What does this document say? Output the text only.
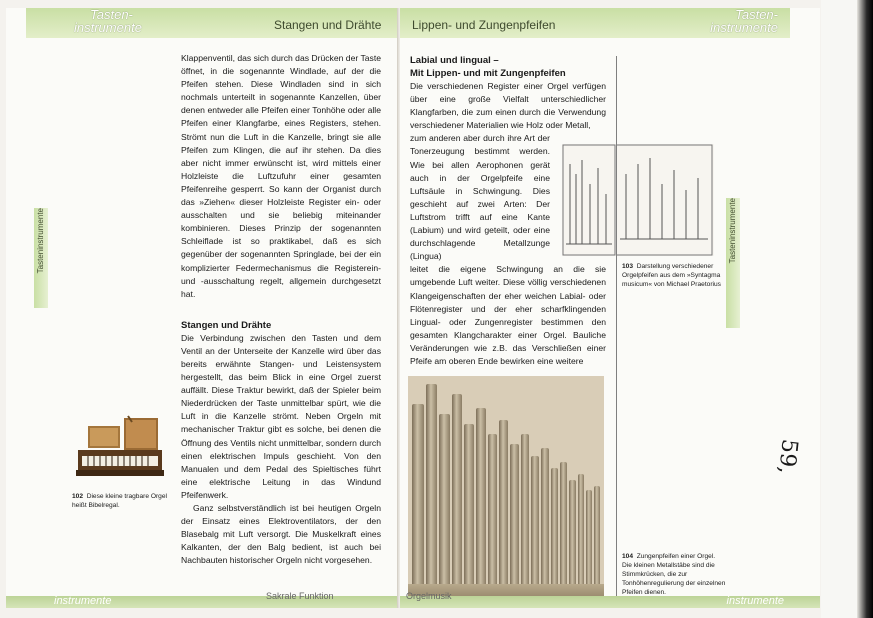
Tasten-
instrumente	Stangen und Drähte
Tasteninstrumente

Klappenventil, das sich durch das Drücken der Taste öffnet, in die sogenannte Windlade, auf der die Pfeifen stehen. Diese Windladen sind in sich nochmals unterteilt in sogenannte Kanzellen, über denen entweder alle Pfeifen einer Tonhöhe oder alle Pfeifen einer Klangfarbe, eines Registers, stehen. Strömt nun die Luft in die Kanzelle, bringt sie alle Pfeifen zum Klingen, die auf ihr stehen. Da dies aber nicht immer erwünscht ist, wird mittels einer Holzleiste die Luftzufuhr einer gesamten Pfeifenreihe gesperrt. So kann der Organist durch das »Ziehen« dieser Holzleiste Register ein- oder ausschalten und sie beliebig miteinander kombinieren. Dieses Prinzip der sogenannten Schleiflade ist so praktikabel, daß es sich gegenüber der sogenannten Springlade, bei der ein komplizierter Federmechanismus die Registerein- und -ausschaltung regelt, allgemein durchgesetzt hat.

Stangen und Drähte

Die Verbindung zwischen den Tasten und dem Ventil an der Unterseite der Kanzelle wird über das bereits erwähnte Stangen- und Leistensystem hergestellt, das beim Blick in eine Orgel zuerst auffällt. Diese Traktur bewirkt, daß der Spieler beim Niederdrücken der Taste unmittelbar spürt, wie die Luft in die Kanzelle strömt. Neben Orgeln mit mechanischer Traktur gibt es solche, bei denen die Öffnung des Ventils nicht unmittelbar, sondern durch einen elektrischen Impuls geschieht. Von den Manualen und dem Pedal des Spieltisches führt eine elektrische Leitung in das Windund Pfeifenwerk.

Ganz selbstverständlich ist bei heutigen Orgeln der Einsatz eines Elektroventilators, der den Blasebalg mit Luft versorgt. Die Muskelkraft eines Kalkanten, der den Balg bedient, ist auch bei Nachbauten historischer Orgeln nicht vorgesehen.

102 Diese kleine tragbare Orgel heißt Bibelregal.
instrumente	Sakrale Funktion
Lippen- und Zungenpfeifen
Tasten-
instrumente
Tasteninstrumente
Labial und lingual –
Mit Lippen- und mit Zungenpfeifen

Die verschiedenen Register einer Orgel verfügen über eine große Vielfalt unterschiedlicher Klangfarben, die zum einen durch die Verwendung verschiedener Materialien wie Holz oder Metall,

zum anderen aber durch ihre Art der Tonerzeugung bestimmt werden. Wie bei allen Aerophonen gerät auch in der Orgelpfeife eine Luftsäule in Schwingung. Dies geschieht auf zwei Arten: Der Luftstrom trifft auf eine Kante (Labium) und wird geteilt, oder eine durchschlagende Metallzunge (Lingua)

leitet die eigene Schwingung an die sie umgebende Luft weiter. Diese völlig verschiedenen Klangeigenschaften der eher weichen Labial- oder Flötenregister und der eher scharfklingenden Lingual- oder Zungenregister bestimmen den gesamten Klangcharakter einer Orgel. Bauliche Veränderungen wie z.B. das Verschließen einer Pfeife am oberen Ende bewirken eine weitere

103 Darstellung verschiedener Orgelpfeifen aus dem »Syntagma musicum« von Michael Praetorius
104 Zungenpfeifen einer Orgel. Die kleinen Metallstäbe sind die Stimmkrücken, die zur Tonhöhenregulierung der einzelnen Pfeifen dienen.
59,
Orgelmusik	instrumente
